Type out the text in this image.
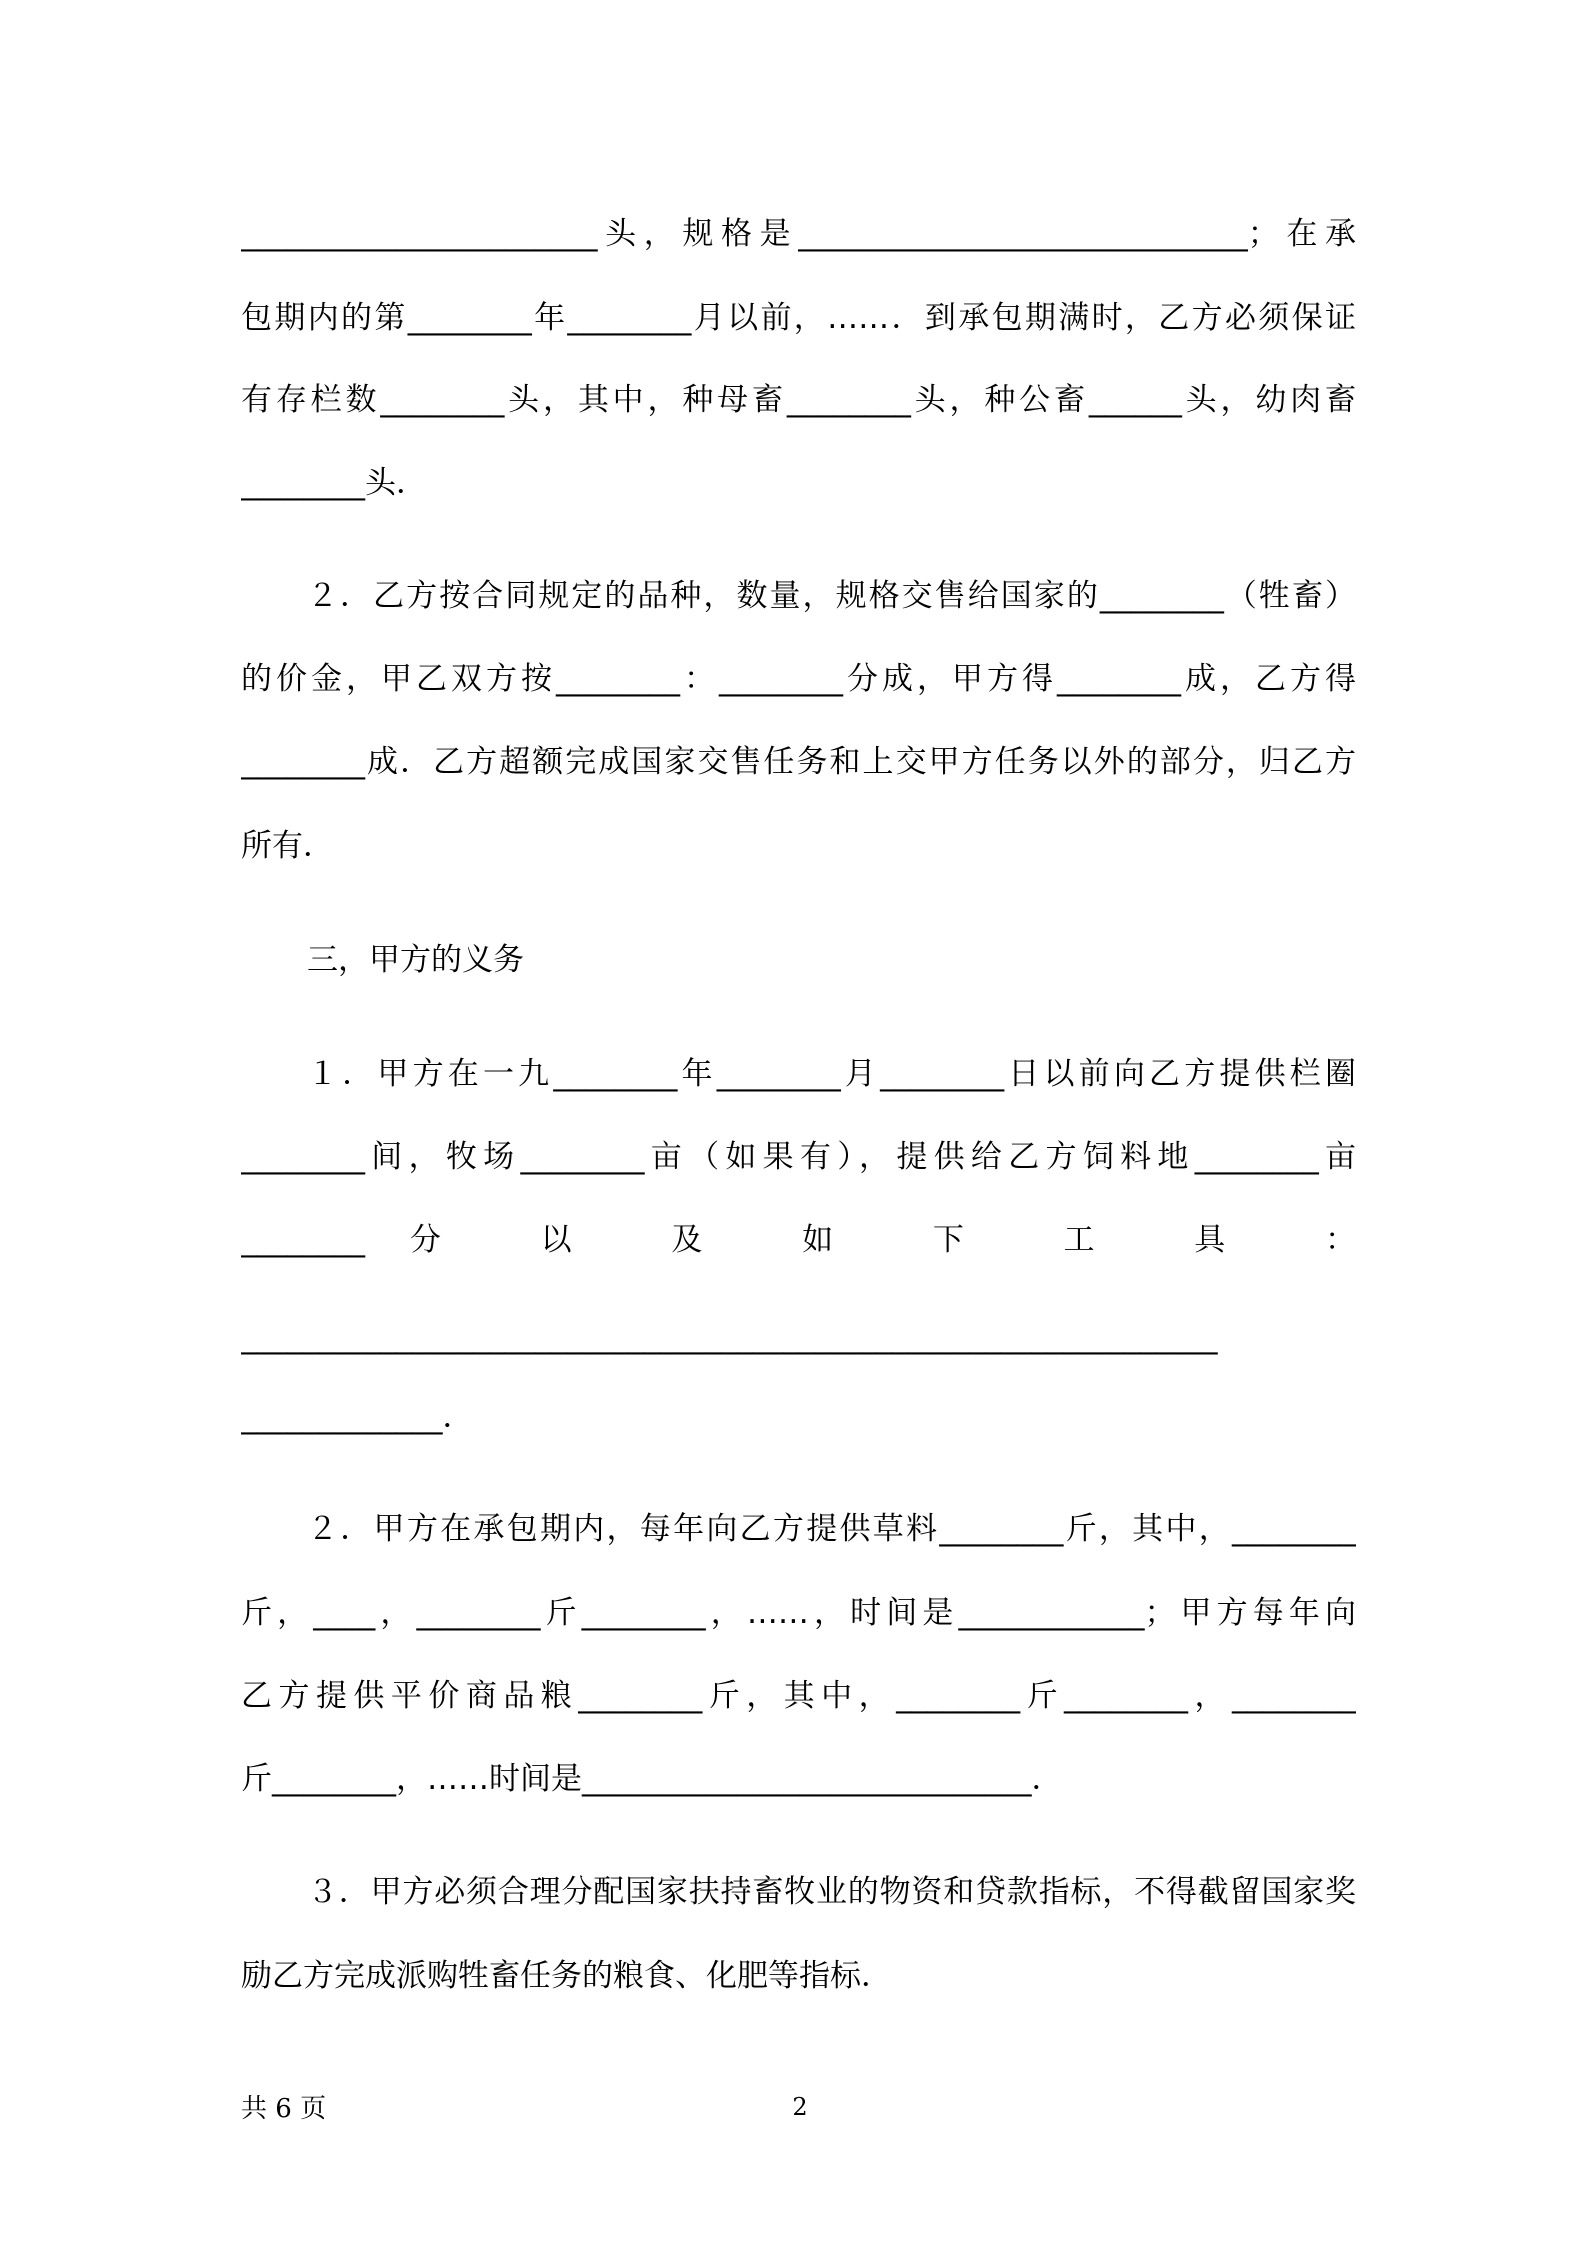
_______________________头，规格是_____________________________；在承
包期内的第________年________月以前，……．到承包期满时，乙方必须保证
有存栏数________头，其中，种母畜________头，种公畜______头，幼肉畜
________头．
２．乙方按合同规定的品种，数量，规格交售给国家的________（牲畜）
的价金，甲乙双方按________：________分成，甲方得________成，乙方得
________成．乙方超额完成国家交售任务和上交甲方任务以外的部分，归乙方
所有．
三，甲方的义务
１．甲方在一九________年________月________日以前向乙方提供栏圈
________间，牧场________亩（如果有），提供给乙方饲料地________亩
________分 以 及 如 下 工 具 ：
_______________________________________________________________
_____________．
２．甲方在承包期内，每年向乙方提供草料________斤，其中，________
斤，____，________斤________，……，时间是____________；甲方每年向
乙方提供平价商品粮________斤，其中，________斤________，________
斤________，……时间是_____________________________．
３．甲方必须合理分配国家扶持畜牧业的物资和贷款指标，不得截留国家奖
励乙方完成派购牲畜任务的粮食、化肥等指标．
共 6 页	2
